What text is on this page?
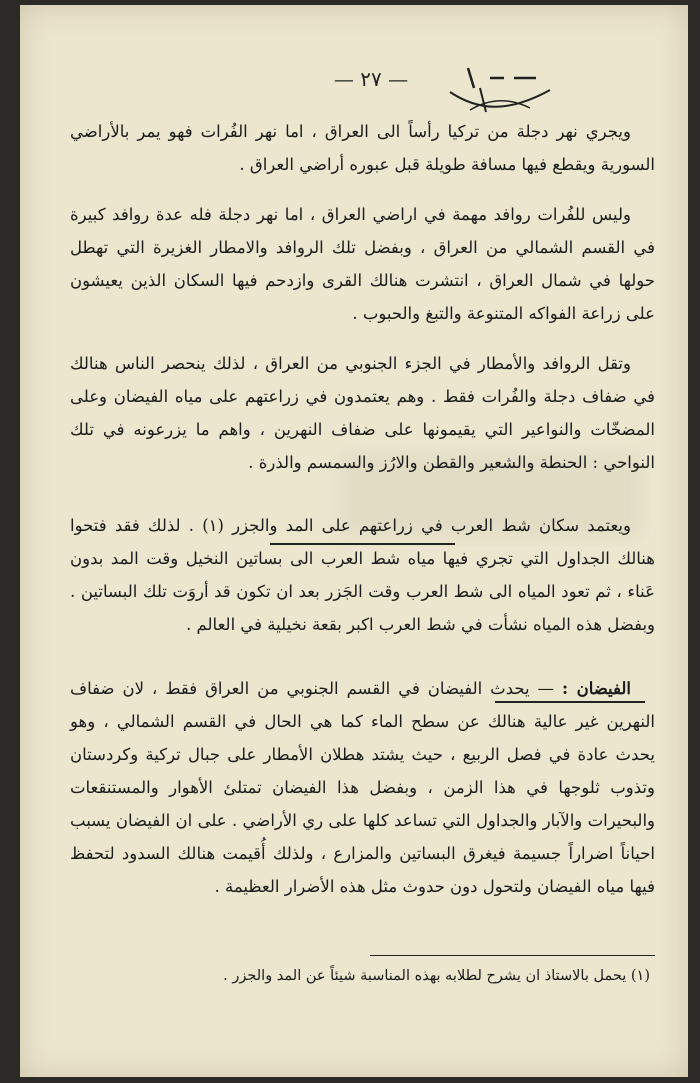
— ٢٧ —

ويجري نهر دجلة من تركيا رأساً الى العراق ، اما نهر الفُرات فهو يمر بالأراضي السورية ويقطع فيها مسافة طويلة قبل عبوره أراضي العراق .

وليس للفُرات روافد مهمة في اراضي العراق ، اما نهر دجلة فله عدة روافد كبيرة في القسم الشمالي من العراق ، وبفضل تلك الروافد والامطار الغزيرة التي تهطل حولها في شمال العراق ، انتشرت هنالك القرى وازدحم فيها السكان الذين يعيشون على زراعة الفواكه المتنوعة والتبغ والحبوب .

وتقل الروافد والأمطار في الجزء الجنوبي من العراق ، لذلك ينحصر الناس هنالك في ضفاف دجلة والفُرات فقط . وهم يعتمدون في زراعتهم على مياه الفيضان وعلى المضخّات والنواعير التي يقيمونها على ضفاف النهرين ، واهم ما يزرعونه في تلك النواحي : الحنطة والشعير والقطن والارُز والسمسم والذرة .

ويعتمد سكان شط العرب في زراعتهم على المد والجزر (١) . لذلك فقد فتحوا هنالك الجداول التي تجري فيها مياه شط العرب الى بساتين النخيل وقت المد بدون عَناء ، ثم تعود المياه الى شط العرب وقت الجَزر بعد ان تكون قد أروَت تلك البساتين . وبفضل هذه المياه نشأت في شط العرب اكبر بقعة نخيلية في العالم .

الفيضان : — يحدث الفيضان في القسم الجنوبي من العراق فقط ، لان ضفاف النهرين غير عالية هنالك عن سطح الماء كما هي الحال في القسم الشمالي ، وهو يحدث عادة في فصل الربيع ، حيث يشتد هطلان الأمطار على جبال تركية وكردستان وتذوب ثلوجها في هذا الزمن ، وبفضل هذا الفيضان تمتلئ الأهوار والمستنقعات والبحيرات والآبار والجداول التي تساعد كلها على ري الأراضي . على ان الفيضان يسبب احياناً اضراراً جسيمة فيغرق البساتين والمزارع ، ولذلك أُقيمت هنالك السدود لتحفظ فيها مياه الفيضان ولتحول دون حدوث مثل هذه الأضرار العظيمة .

(١) يحمل بالاستاذ ان يشرح لطلابه بهذه المناسبة شيئاً عن المد والجزر .
